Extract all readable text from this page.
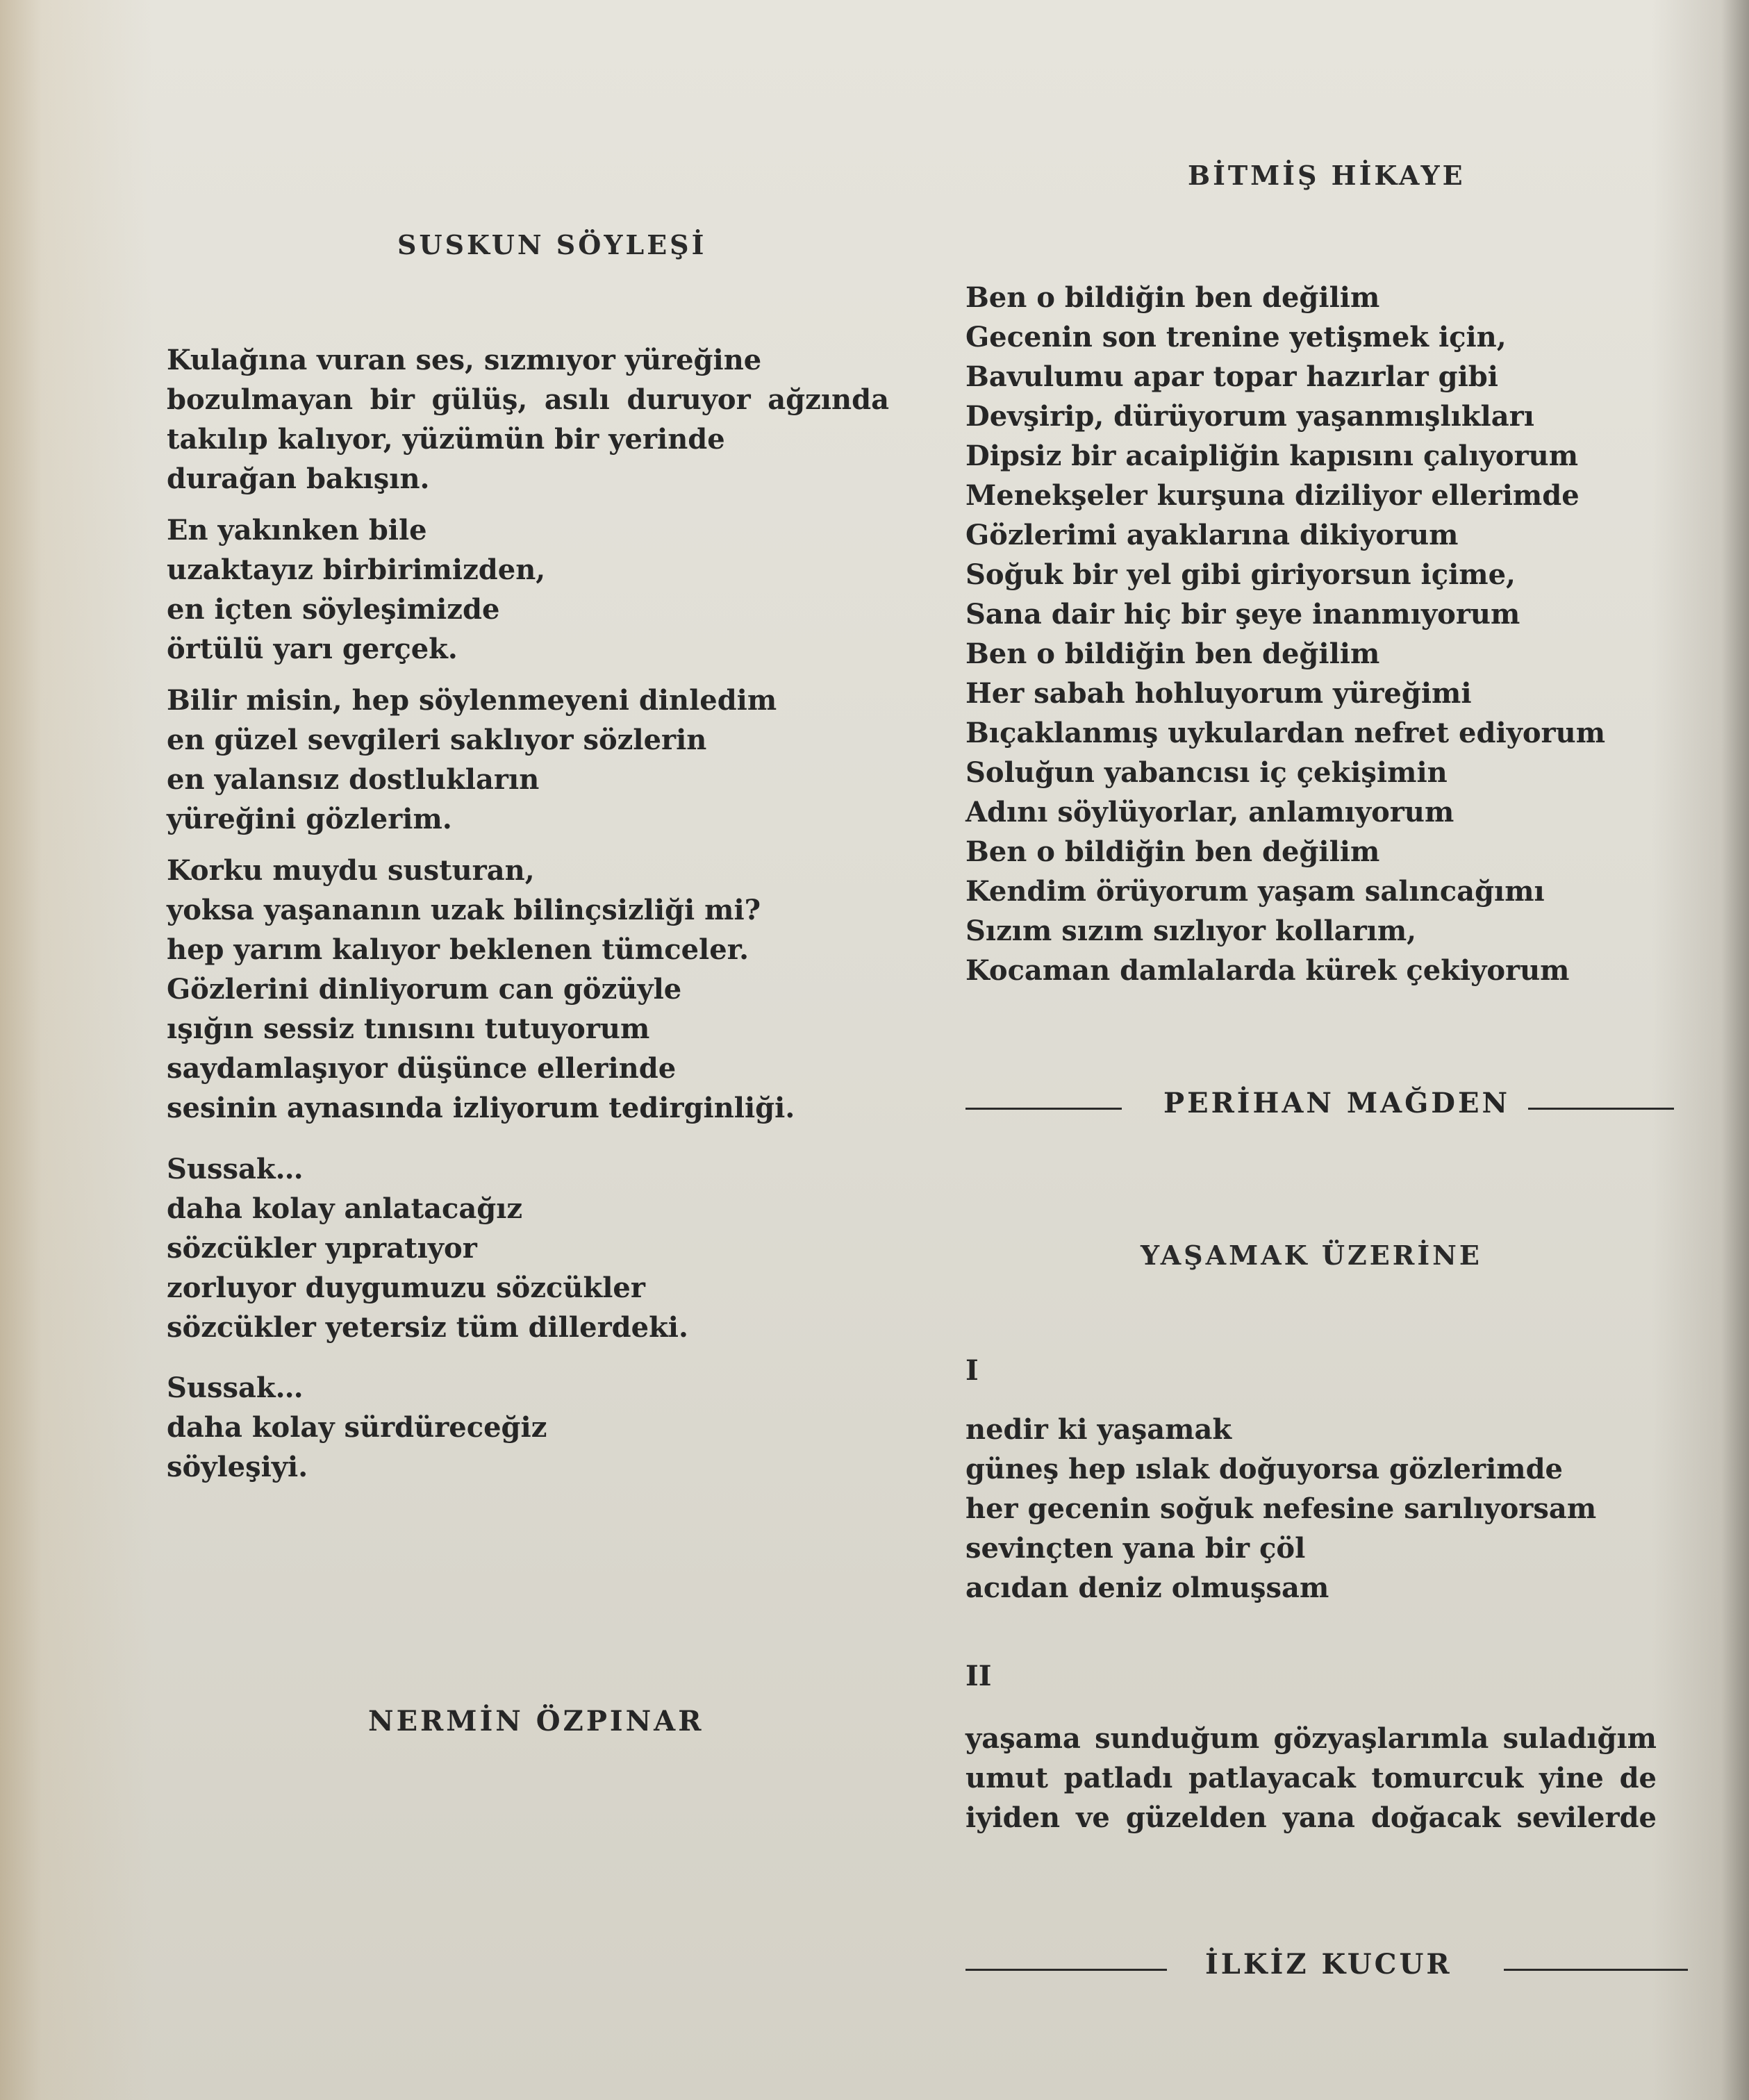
SUSKUN SÖYLEŞİ
Kulağına vuran ses, sızmıyor yüreğine
bozulmayan bir gülüş, asılı duruyor ağzında
takılıp kalıyor, yüzümün bir yerinde
durağan bakışın.
En yakınken bile
uzaktayız birbirimizden,
en içten söyleşimizde
örtülü yarı gerçek.
Bilir misin, hep söylenmeyeni dinledim
en güzel sevgileri saklıyor sözlerin
en yalansız dostlukların
yüreğini gözlerim.
Korku muydu susturan,
yoksa yaşananın uzak bilinçsizliği mi?
hep yarım kalıyor beklenen tümceler.
Gözlerini dinliyorum can gözüyle
ışığın sessiz tınısını tutuyorum
saydamlaşıyor düşünce ellerinde
sesinin aynasında izliyorum tedirginliği.
Sussak…
daha kolay anlatacağız
sözcükler yıpratıyor
zorluyor duygumuzu sözcükler
sözcükler yetersiz tüm dillerdeki.
Sussak…
daha kolay sürdüreceğiz
söyleşiyi.
NERMİN ÖZPINAR
BİTMİŞ HİKAYE
Ben o bildiğin ben değilim
Gecenin son trenine yetişmek için,
Bavulumu apar topar hazırlar gibi
Devşirip, dürüyorum yaşanmışlıkları
Dipsiz bir acaipliğin kapısını çalıyorum
Menekşeler kurşuna diziliyor ellerimde
Gözlerimi ayaklarına dikiyorum
Soğuk bir yel gibi giriyorsun içime,
Sana dair hiç bir şeye inanmıyorum
Ben o bildiğin ben değilim
Her sabah hohluyorum yüreğimi
Bıçaklanmış uykulardan nefret ediyorum
Soluğun yabancısı iç çekişimin
Adını söylüyorlar, anlamıyorum
Ben o bildiğin ben değilim
Kendim örüyorum yaşam salıncağımı
Sızım sızım sızlıyor kollarım,
Kocaman damlalarda kürek çekiyorum
PERİHAN MAĞDEN
YAŞAMAK ÜZERİNE
I
nedir ki yaşamak
güneş hep ıslak doğuyorsa gözlerimde
her gecenin soğuk nefesine sarılıyorsam
sevinçten yana bir çöl
acıdan deniz olmuşsam
II
yaşama sunduğum gözyaşlarımla suladığım
umut patladı patlayacak tomurcuk yine de
iyiden ve güzelden yana doğacak sevilerde
İLKİZ KUCUR
